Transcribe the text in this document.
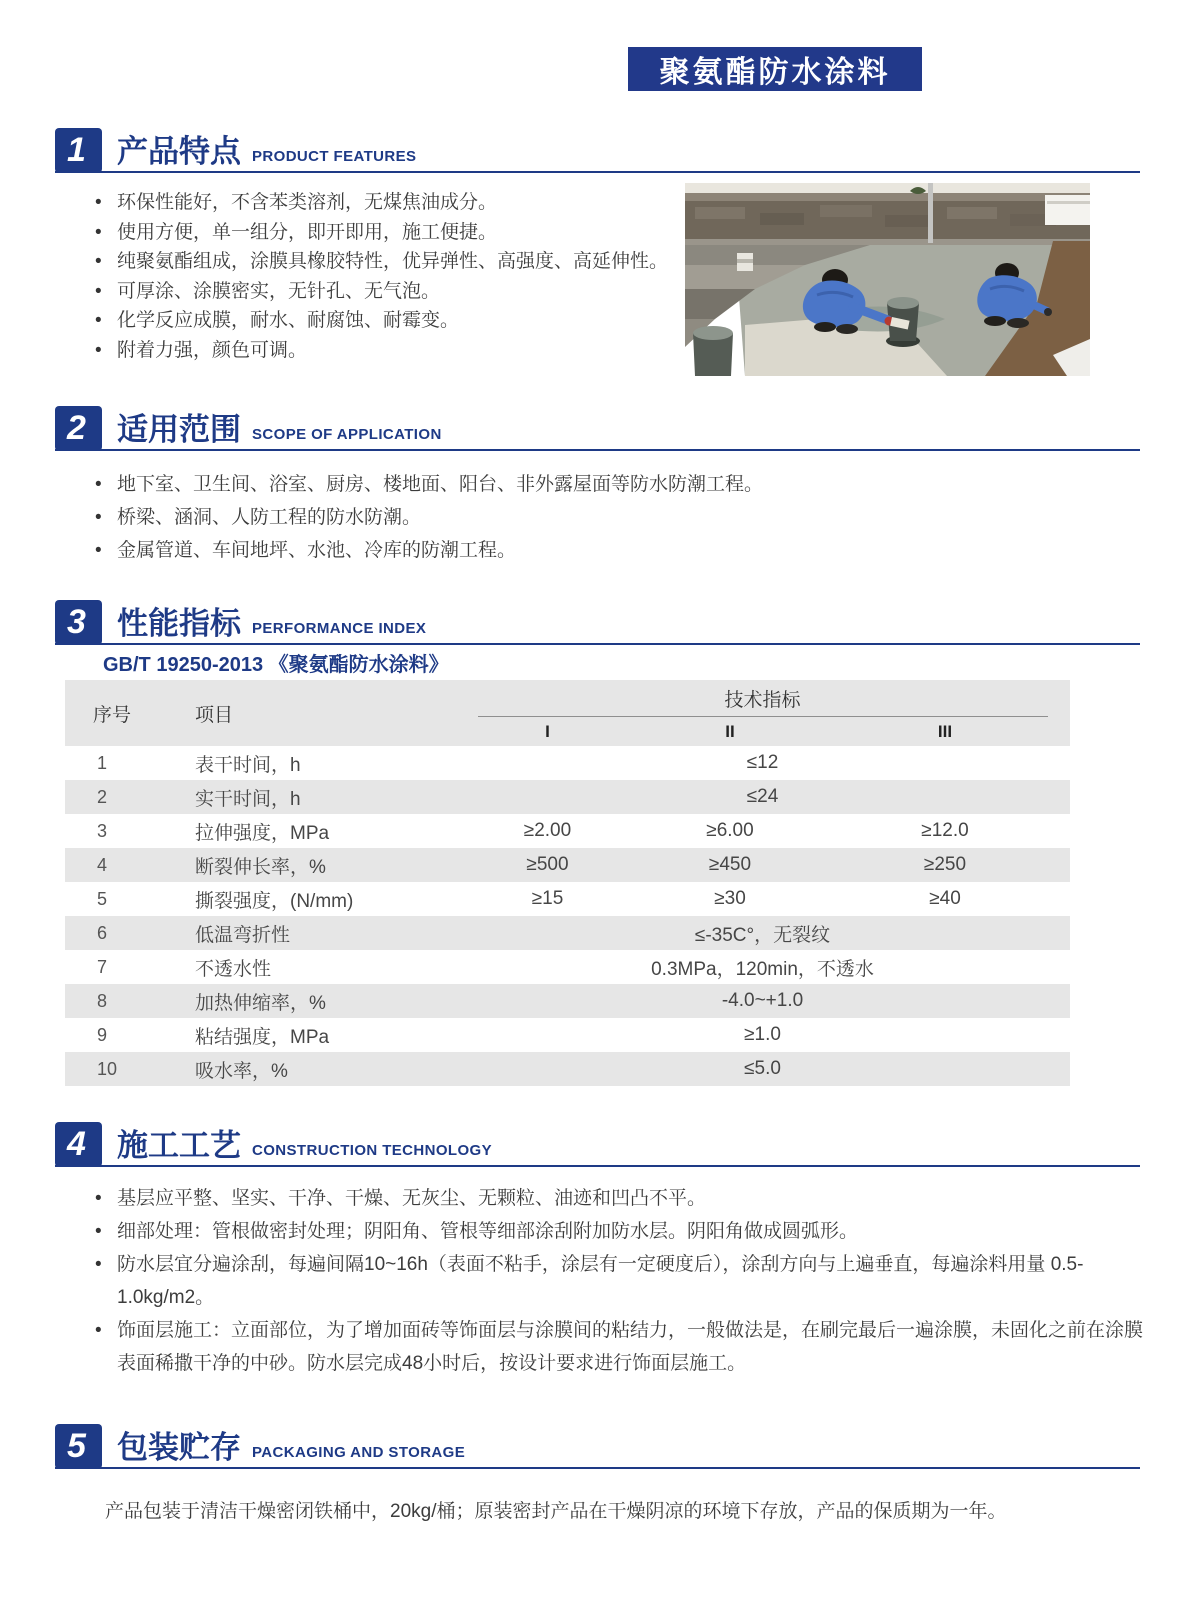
聚氨酯防水涂料
1	产品特点 PRODUCT FEATURES
• 环保性能好，不含苯类溶剂，无煤焦油成分。
• 使用方便，单一组分，即开即用，施工便捷。
• 纯聚氨酯组成，涂膜具橡胶特性，优异弹性、高强度、高延伸性。
• 可厚涂、涂膜密实，无针孔、无气泡。
• 化学反应成膜，耐水、耐腐蚀、耐霉变。
• 附着力强，颜色可调。
2	适用范围 SCOPE OF APPLICATION
• 地下室、卫生间、浴室、厨房、楼地面、阳台、非外露屋面等防水防潮工程。
• 桥梁、涵洞、人防工程的防水防潮。
• 金属管道、车间地坪、水池、冷库的防潮工程。
3	性能指标 PERFORMANCE INDEX
GB/T 19250-2013 《聚氨酯防水涂料》
序号	项目
技术指标
I	II	III
1	表干时间，h	≤12
2	实干时间，h	≤24
3	拉伸强度，MPa	≥2.00	≥6.00	≥12.0
4	断裂伸长率，%	≥500	≥450	≥250
5	撕裂强度，(N/mm)	≥15	≥30	≥40
6	低温弯折性	≤-35C°，无裂纹
7	不透水性	0.3MPa，120min，不透水
8	加热伸缩率，%	-4.0~+1.0
9	粘结强度，MPa	≥1.0
10	吸水率，%	≤5.0
4	施工工艺 CONSTRUCTION TECHNOLOGY
• 基层应平整、坚实、干净、干燥、无灰尘、无颗粒、油迹和凹凸不平。
• 细部处理：管根做密封处理；阴阳角、管根等细部涂刮附加防水层。阴阳角做成圆弧形。
• 防水层宜分遍涂刮，每遍间隔10~16h（表面不粘手，涂层有一定硬度后），涂刮方向与上遍垂直，每遍涂料用量 0.5-1.0kg/m2。
• 饰面层施工：立面部位，为了增加面砖等饰面层与涂膜间的粘结力，一般做法是，在刷完最后一遍涂膜，未固化之前在涂膜表面稀撒干净的中砂。防水层完成48小时后，按设计要求进行饰面层施工。
5	包装贮存 PACKAGING AND STORAGE
产品包装于清洁干燥密闭铁桶中，20kg/桶；原装密封产品在干燥阴凉的环境下存放，产品的保质期为一年。
